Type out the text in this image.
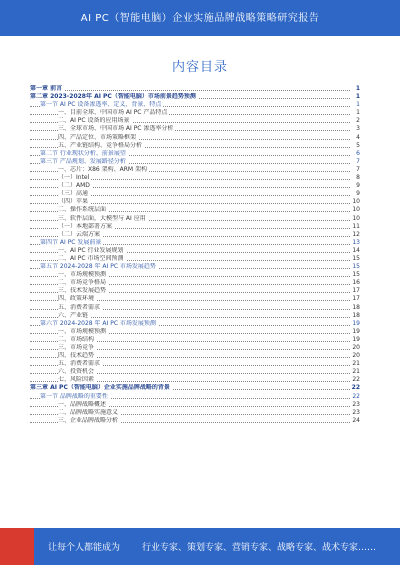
AI PC（智能电脑）企业实施品牌战略策略研究报告
内容目录
第一章 前言	1
第二章 2023-2028年 AI PC（智能电脑）市场前景趋势预测	1
第一节 AI PC 设备渗透率、定义、背景、特点	1
一、目前全球、中国市场 AI PC 产品特点	1
二、AI PC 设备的应用场景	2
三、全球市场、中国市场 AI PC 渗透率分析	3
四、产品定位、市场策略框架	4
五、产业链结构、竞争格局分析	5
第二节 行业现状分析、前景展望	6
第三节 产品规划、发展路径分析	7
一、芯片：X86 架构、ARM 架构	7
（一）Intel	8
（二）AMD	9
（三）高通	9
（四）苹果	10
二、操作系统层面	10
三、软件层面，大模型与 AI 应用	10
（一）本地部署方案	11
（二）云端方案	12
第四节 AI PC 发展前景	13
一、AI PC 行业发展规划	14
二、AI PC 市场空间预测	15
第五节 2024-2028 年 AI PC 市场发展趋势	15
一、市场规模预测	15
二、市场竞争格局	16
三、技术发展趋势	17
四、政策环境	17
五、消费者需求	18
六、产业链	18
第六节 2024-2028 年 AI PC 市场发展预测	19
一、市场规模预测	19
二、市场结构	19
三、市场竞争	20
四、技术趋势	20
五、消费者需求	21
六、投资机会	21
七、风险因素	22
第三章 AI PC（智能电脑）企业实施品牌战略的背景	22
第一节 品牌战略的重要性	22
一、品牌战略概述	23
二、品牌战略实施意义	23
三、企业品牌战略分析	24
让每个人都能成为 行业专家、策划专家、营销专家、战略专家、战术专家……
